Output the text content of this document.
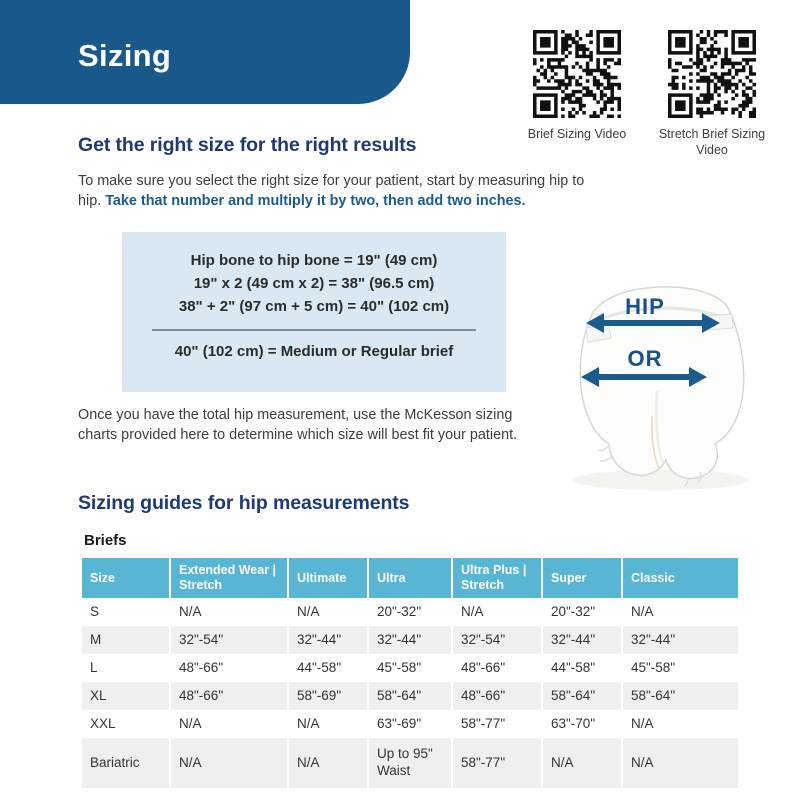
Sizing
Brief Sizing Video	Stretch Brief Sizing Video
Get the right size for the right results

To make sure you select the right size for your patient, start by measuring hip to hip. Take that number and multiply it by two, then add two inches.

Hip bone to hip bone = 19" (49 cm)
19" x 2 (49 cm x 2) = 38" (96.5 cm)
38" + 2" (97 cm + 5 cm) = 40" (102 cm)
40" (102 cm) = Medium or Regular brief
HIP
OR

Once you have the total hip measurement, use the McKesson sizing charts provided here to determine which size will best fit your patient.

Sizing guides for hip measurements
Briefs
Size	Extended Wear | Stretch	Ultimate	Ultra	Ultra Plus | Stretch	Super	Classic
S	N/A	N/A	20"-32"	N/A	20"-32"	N/A
M	32"-54"	32"-44"	32"-44"	32"-54"	32"-44"	32"-44"
L	48"-66"	44"-58"	45"-58"	48"-66"	44"-58"	45"-58"
XL	48"-66"	58"-69"	58"-64"	48"-66"	58"-64"	58"-64"
XXL	N/A	N/A	63"-69"	58"-77"	63"-70"	N/A
Bariatric	N/A	N/A	Up to 95" Waist	58"-77"	N/A	N/A
